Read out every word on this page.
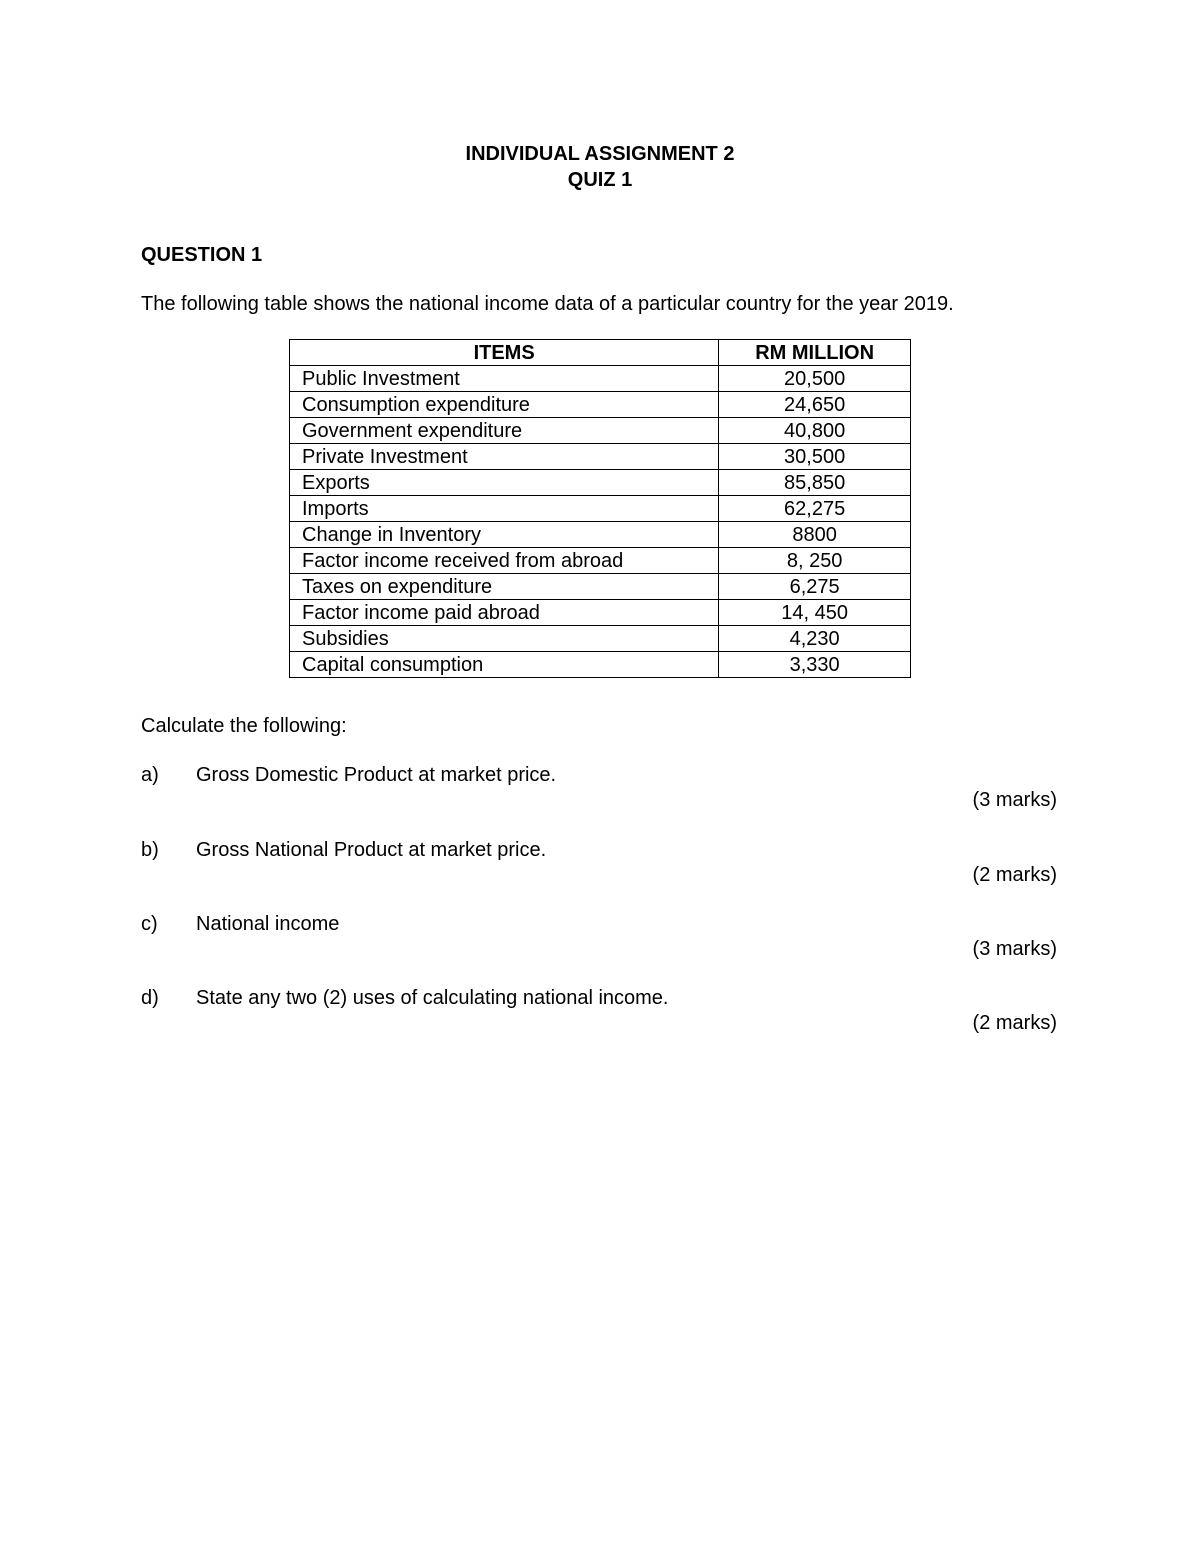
INDIVIDUAL ASSIGNMENT 2
QUIZ 1
QUESTION 1
The following table shows the national income data of a particular country for the year 2019.
ITEMS	RM MILLION
Public Investment	20,500
Consumption expenditure	24,650
Government expenditure	40,800
Private Investment	30,500
Exports	85,850
Imports	62,275
Change in Inventory	8800
Factor income received from abroad	8, 250
Taxes on expenditure	6,275
Factor income paid abroad	14, 450
Subsidies	4,230
Capital consumption	3,330
Calculate the following:
a) Gross Domestic Product at market price.
(3 marks)
b) Gross National Product at market price.
(2 marks)
c) National income
(3 marks)
d) State any two (2) uses of calculating national income.
(2 marks)
